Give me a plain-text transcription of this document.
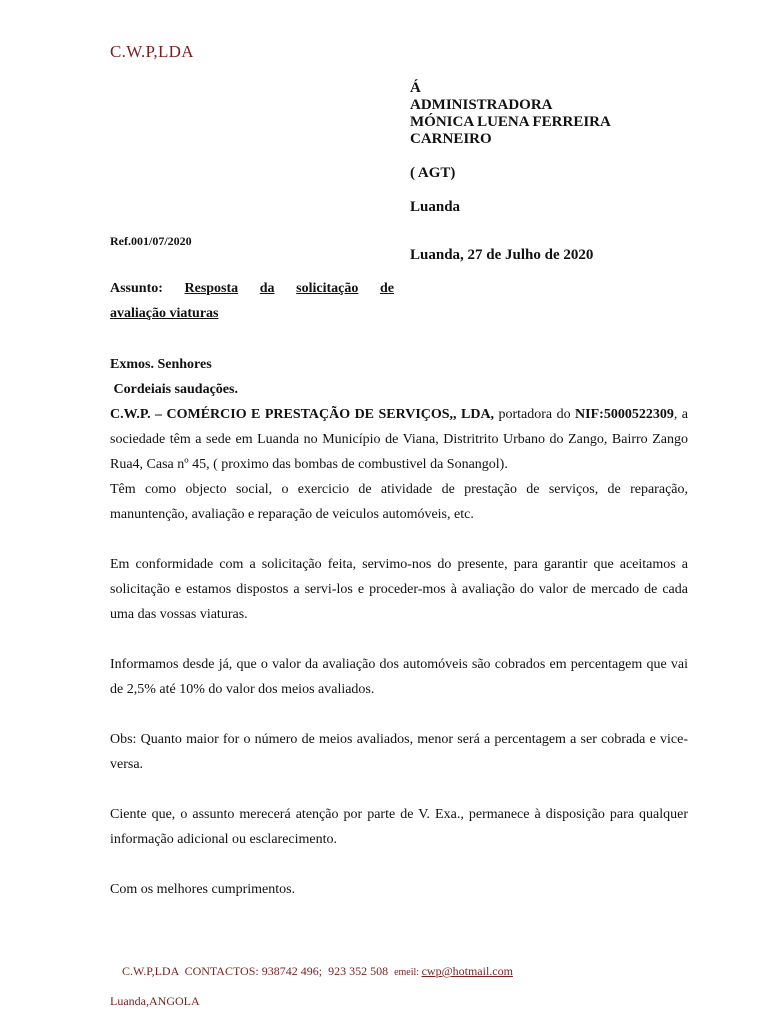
C.W.P,LDA
Á
ADMINISTRADORA
MÓNICA LUENA FERREIRA
CARNEIRO
( AGT)
Luanda
Ref.001/07/2020
Luanda, 27 de Julho de 2020
Assunto: Resposta da solicitação de
avaliação viaturas
Exmos. Senhores
Cordeiais saudações.

C.W.P. – COMÉRCIO E PRESTAÇÃO DE SERVIÇOS,, LDA, portadora do NIF:5000522309, a sociedade têm a sede em Luanda no Município de Viana, Distritrito Urbano do Zango, Bairro Zango Rua4, Casa nº 45, ( proximo das bombas de combustivel da Sonangol).

Têm como objecto social, o exercicio de atividade de prestação de serviços, de reparação, manuntenção, avaliação e reparação de veiculos automóveis, etc.

Em conformidade com a solicitação feita, servimo-nos do presente, para garantir que aceitamos a solicitação e estamos dispostos a servi-los e proceder-mos à avaliação do valor de mercado de cada uma das vossas viaturas.

Informamos desde já, que o valor da avaliação dos automóveis são cobrados em percentagem que vai de 2,5% até 10% do valor dos meios avaliados.

Obs: Quanto maior for o número de meios avaliados, menor será a percentagem a ser cobrada e vice-versa.

Ciente que, o assunto merecerá atenção por parte de V. Exa., permanece à disposição para qualquer informação adicional ou esclarecimento.

Com os melhores cumprimentos.

C.W.P,LDA  CONTACTOS: 938742 496;  923 352 508  emeil: cwp@hotmail.com

Luanda,ANGOLA
